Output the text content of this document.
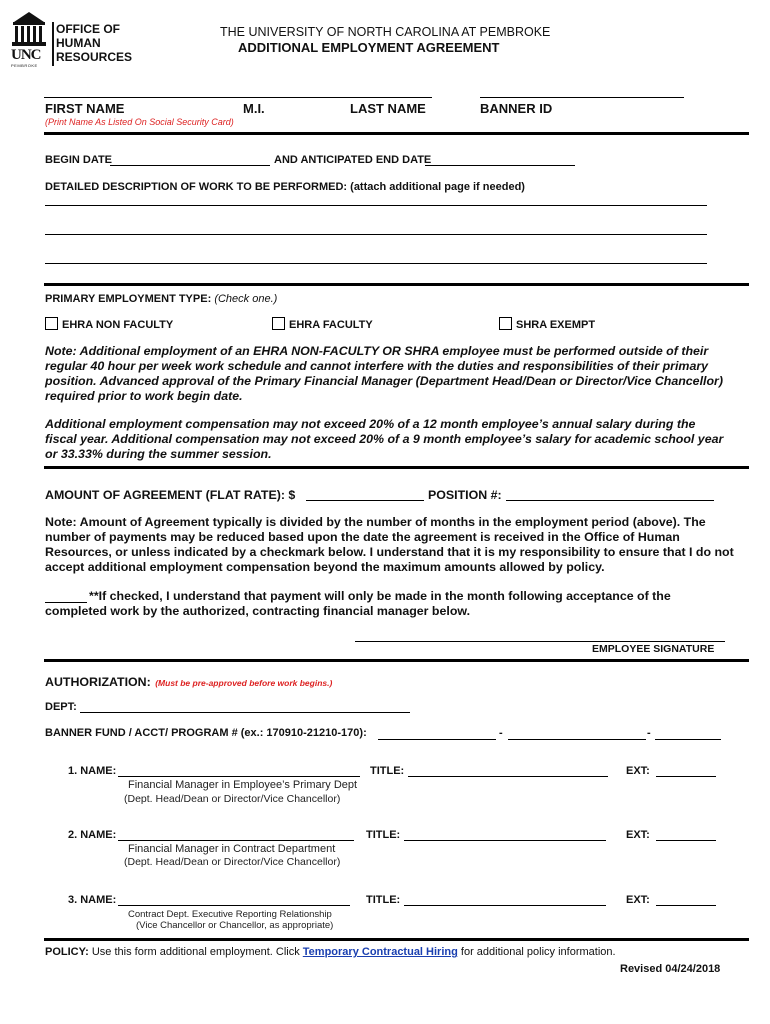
UNC
PEMBROKE
OFFICE OF
HUMAN
RESOURCES
THE UNIVERSITY OF NORTH CAROLINA AT PEMBROKE
ADDITIONAL EMPLOYMENT AGREEMENT
FIRST NAME	M.I.	LAST NAME	BANNER ID
(Print Name As Listed On Social Security Card)
BEGIN DATE	AND ANTICIPATED END DATE
DETAILED DESCRIPTION OF WORK TO BE PERFORMED: (attach additional page if needed)
PRIMARY EMPLOYMENT TYPE: (Check one.)
EHRA NON FACULTY	EHRA FACULTY	SHRA EXEMPT
Note: Additional employment of an EHRA NON-FACULTY OR SHRA employee must be performed outside of their regular 40 hour per week work schedule and cannot interfere with the duties and responsibilities of their primary position. Advanced approval of the Primary Financial Manager (Department Head/Dean or Director/Vice Chancellor) required prior to work begin date.
Additional employment compensation may not exceed 20% of a 12 month employee’s annual salary during the fiscal year. Additional compensation may not exceed 20% of a 9 month employee’s salary for academic school year or 33.33% during the summer session.
AMOUNT OF AGREEMENT (FLAT RATE): $	POSITION #:
Note: Amount of Agreement typically is divided by the number of months in the employment period (above). The number of payments may be reduced based upon the date the agreement is received in the Office of Human Resources, or unless indicated by a checkmark below. I understand that it is my responsibility to ensure that I do not accept additional employment compensation beyond the maximum amounts allowed by policy.
**If checked, I understand that payment will only be made in the month following acceptance of the completed work by the authorized, contracting financial manager below.
EMPLOYEE SIGNATURE
AUTHORIZATION: (Must be pre-approved before work begins.)
DEPT:
BANNER FUND / ACCT/ PROGRAM # (ex.: 170910-21210-170):	-	-
1. NAME:	TITLE:	EXT:
Financial Manager in Employee’s Primary Dept
(Dept. Head/Dean or Director/Vice Chancellor)
2. NAME:	TITLE:	EXT:
Financial Manager in Contract Department
(Dept. Head/Dean or Director/Vice Chancellor)
3. NAME:	TITLE:	EXT:
Contract Dept. Executive Reporting Relationship
(Vice Chancellor or Chancellor, as appropriate)
POLICY: Use this form additional employment. Click Temporary Contractual Hiring for additional policy information.
Revised 04/24/2018
